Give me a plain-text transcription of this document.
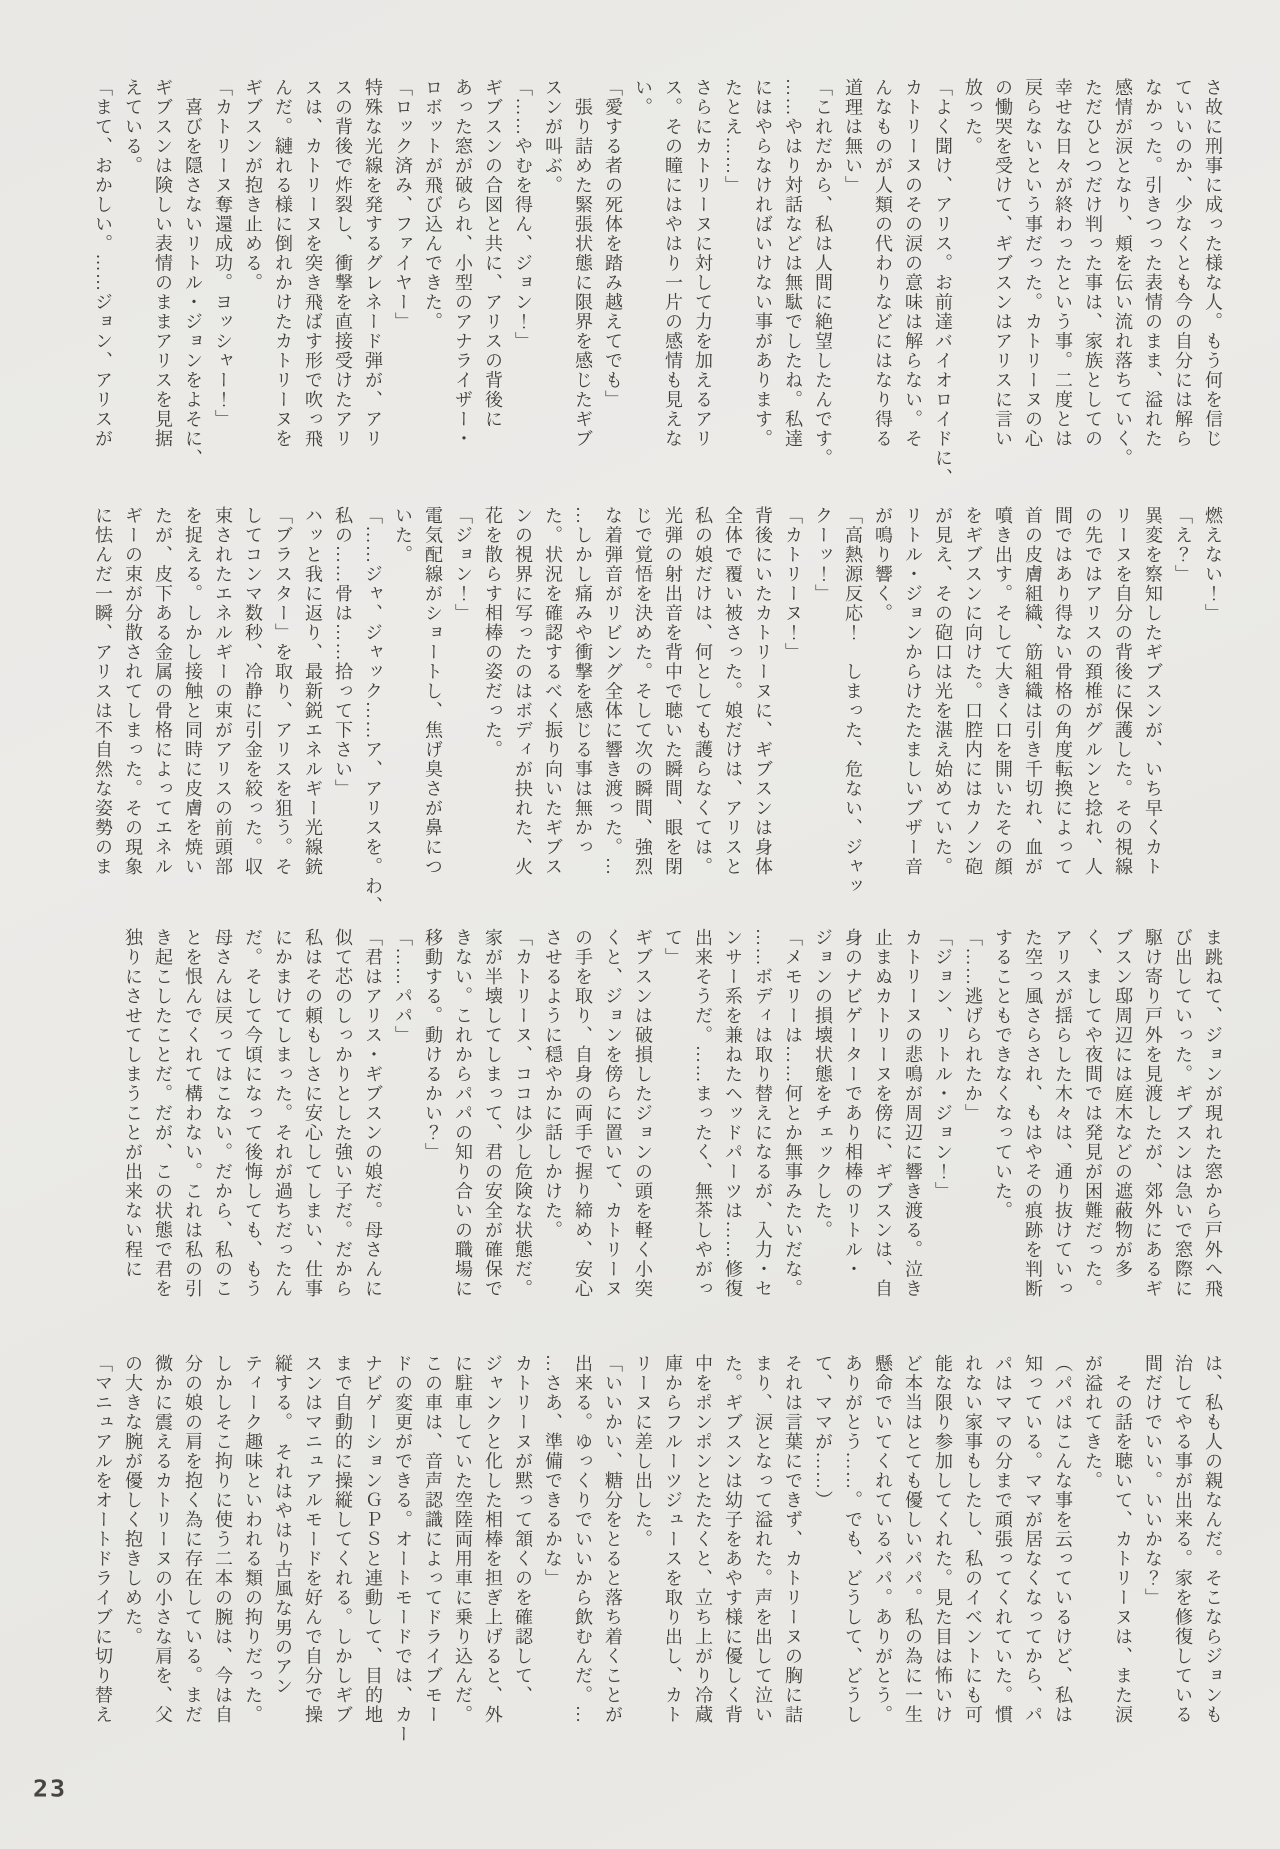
さ故に刑事に成った様な人。もう何を信じ
ていいのか、少なくとも今の自分には解ら
なかった。引きつった表情のまま、溢れた
感情が涙となり、頬を伝い流れ落ちていく。
ただひとつだけ判った事は、家族としての
幸せな日々が終わったという事。二度とは
戻らないという事だった。カトリーヌの心
の慟哭を受けて、ギブスンはアリスに言い
放った。
「よく聞け、アリス。お前達バイオロイドに、
カトリーヌのその涙の意味は解らない。そ
んなものが人類の代わりなどにはなり得る
道理は無い」
「これだから、私は人間に絶望したんです。
……やはり対話などは無駄でしたね。私達
にはやらなければいけない事があります。
たとえ……」
さらにカトリーヌに対して力を加えるアリ
ス。その瞳にはやはり一片の感情も見えな
い。
「愛する者の死体を踏み越えてでも」
　張り詰めた緊張状態に限界を感じたギブ
スンが叫ぶ。
「……やむを得ん、ジョン！」
ギブスンの合図と共に、アリスの背後に
あった窓が破られ、小型のアナライザー・
ロボットが飛び込んできた。
「ロック済み、ファイヤー」
特殊な光線を発するグレネード弾が、アリ
スの背後で炸裂し、衝撃を直接受けたアリ
スは、カトリーヌを突き飛ばす形で吹っ飛
んだ。縺れる様に倒れかけたカトリーヌを
ギブスンが抱き止める。
「カトリーヌ奪還成功。ヨッシャー！」
　喜びを隠さないリトル・ジョンをよそに、
ギブスンは険しい表情のままアリスを見据
えている。
「まて、おかしい。……ジョン、アリスが
燃えない！」
「え？」
異変を察知したギブスンが、いち早くカト
リーヌを自分の背後に保護した。その視線
の先ではアリスの頚椎がグルンと捻れ、人
間ではあり得ない骨格の角度転換によって
首の皮膚組織、筋組織は引き千切れ、血が
噴き出す。そして大きく口を開いたその顔
をギブスンに向けた。口腔内にはカノン砲
が見え、その砲口は光を湛え始めていた。
リトル・ジョンからけたたましいブザー音
が鳴り響く。
「高熱源反応！　しまった、危ない、ジャッ
クーッ！」
「カトリーヌ！」
背後にいたカトリーヌに、ギブスンは身体
全体で覆い被さった。娘だけは、アリスと
私の娘だけは、何としても護らなくては。
光弾の射出音を背中で聴いた瞬間、眼を閉
じで覚悟を決めた。そして次の瞬間、強烈
な着弾音がリビング全体に響き渡った。…
…しかし痛みや衝撃を感じる事は無かっ
た。状況を確認するべく振り向いたギブス
ンの視界に写ったのはボディが抉れた、火
花を散らす相棒の姿だった。
「ジョン！」
電気配線がショートし、焦げ臭さが鼻につ
いた。
「……ジャ、ジャック……ア、アリスを。わ、
私の……骨は……拾って下さい」
ハッと我に返り、最新鋭エネルギー光線銃
「ブラスター」を取り、アリスを狙う。そ
してコンマ数秒、冷静に引金を絞った。収
束されたエネルギーの束がアリスの前頭部
を捉える。しかし接触と同時に皮膚を焼い
たが、皮下ある金属の骨格によってエネル
ギーの束が分散されてしまった。その現象
に怯んだ一瞬、アリスは不自然な姿勢のま
ま跳ねて、ジョンが現れた窓から戸外へ飛
び出していった。ギブスンは急いで窓際に
駆け寄り戸外を見渡したが、郊外にあるギ
ブスン邸周辺には庭木などの遮蔽物が多
く、ましてや夜間では発見が困難だった。
アリスが揺らした木々は、通り抜けていっ
た空っ風さらされ、もはやその痕跡を判断
することもできなくなっていた。
「……逃げられたか」
「ジョン、リトル・ジョン！」
カトリーヌの悲鳴が周辺に響き渡る。泣き
止まぬカトリーヌを傍に、ギブスンは、自
身のナビゲーターであり相棒のリトル・
ジョンの損壊状態をチェックした。
「メモリーは……何とか無事みたいだな。
……ボディは取り替えになるが、入力・セ
ンサー系を兼ねたヘッドパーツは……修復
出来そうだ。……まったく、無茶しやがっ
て」
ギブスンは破損したジョンの頭を軽く小突
くと、ジョンを傍らに置いて、カトリーヌ
の手を取り、自身の両手で握り締め、安心
させるように穏やかに話しかけた。
「カトリーヌ、ココは少し危険な状態だ。
家が半壊してしまって、君の安全が確保で
きない。これからパパの知り合いの職場に
移動する。動けるかい？」
「……パパ」
「君はアリス・ギブスンの娘だ。母さんに
似て芯のしっかりとした強い子だ。だから
私はその頼もしさに安心してしまい、仕事
にかまけてしまった。それが過ちだったん
だ。そして今頃になって後悔しても、もう
母さんは戻ってはこない。だから、私のこ
とを恨んでくれて構わない。これは私の引
き起こしたことだ。だが、この状態で君を
独りにさせてしまうことが出来ない程に
は、私も人の親なんだ。そこならジョンも
治してやる事が出来る。家を修復している
間だけでいい。いいかな？」
　その話を聴いて、カトリーヌは、また涙
が溢れてきた。
（パパはこんな事を云っているけど、私は
知っている。ママが居なくなってから、パ
パはママの分まで頑張ってくれていた。慣
れない家事もしたし、私のイベントにも可
能な限り参加してくれた。見た目は怖いけ
ど本当はとても優しいパパ。私の為に一生
懸命でいてくれているパパ。ありがとう。
ありがとう……。でも、どうして、どうし
て、ママが……）
それは言葉にできず、カトリーヌの胸に詰
まり、涙となって溢れた。声を出して泣い
た。ギブスンは幼子をあやす様に優しく背
中をポンポンとたたくと、立ち上がり冷蔵
庫からフルーツジュースを取り出し、カト
リーヌに差し出した。
「いいかい、糖分をとると落ち着くことが
出来る。ゆっくりでいいから飲むんだ。…
…さあ、準備できるかな」
カトリーヌが黙って頷くのを確認して、
ジャンクと化した相棒を担ぎ上げると、外
に駐車していた空陸両用車に乗り込んだ。
この車は、音声認識によってドライブモー
ドの変更ができる。オートモードでは、カー
ナビゲーションＧＰＳと連動して、目的地
まで自動的に操縦してくれる。しかしギブ
スンはマニュアルモードを好んで自分で操
縦する。　それはやはり古風な男のアン
ティーク趣味といわれる類の拘りだった。
しかしそこ拘りに使う二本の腕は、今は自
分の娘の肩を抱く為に存在している。まだ
微かに震えるカトリーヌの小さな肩を、父
の大きな腕が優しく抱きしめた。
「マニュアルをオートドライブに切り替え
23
